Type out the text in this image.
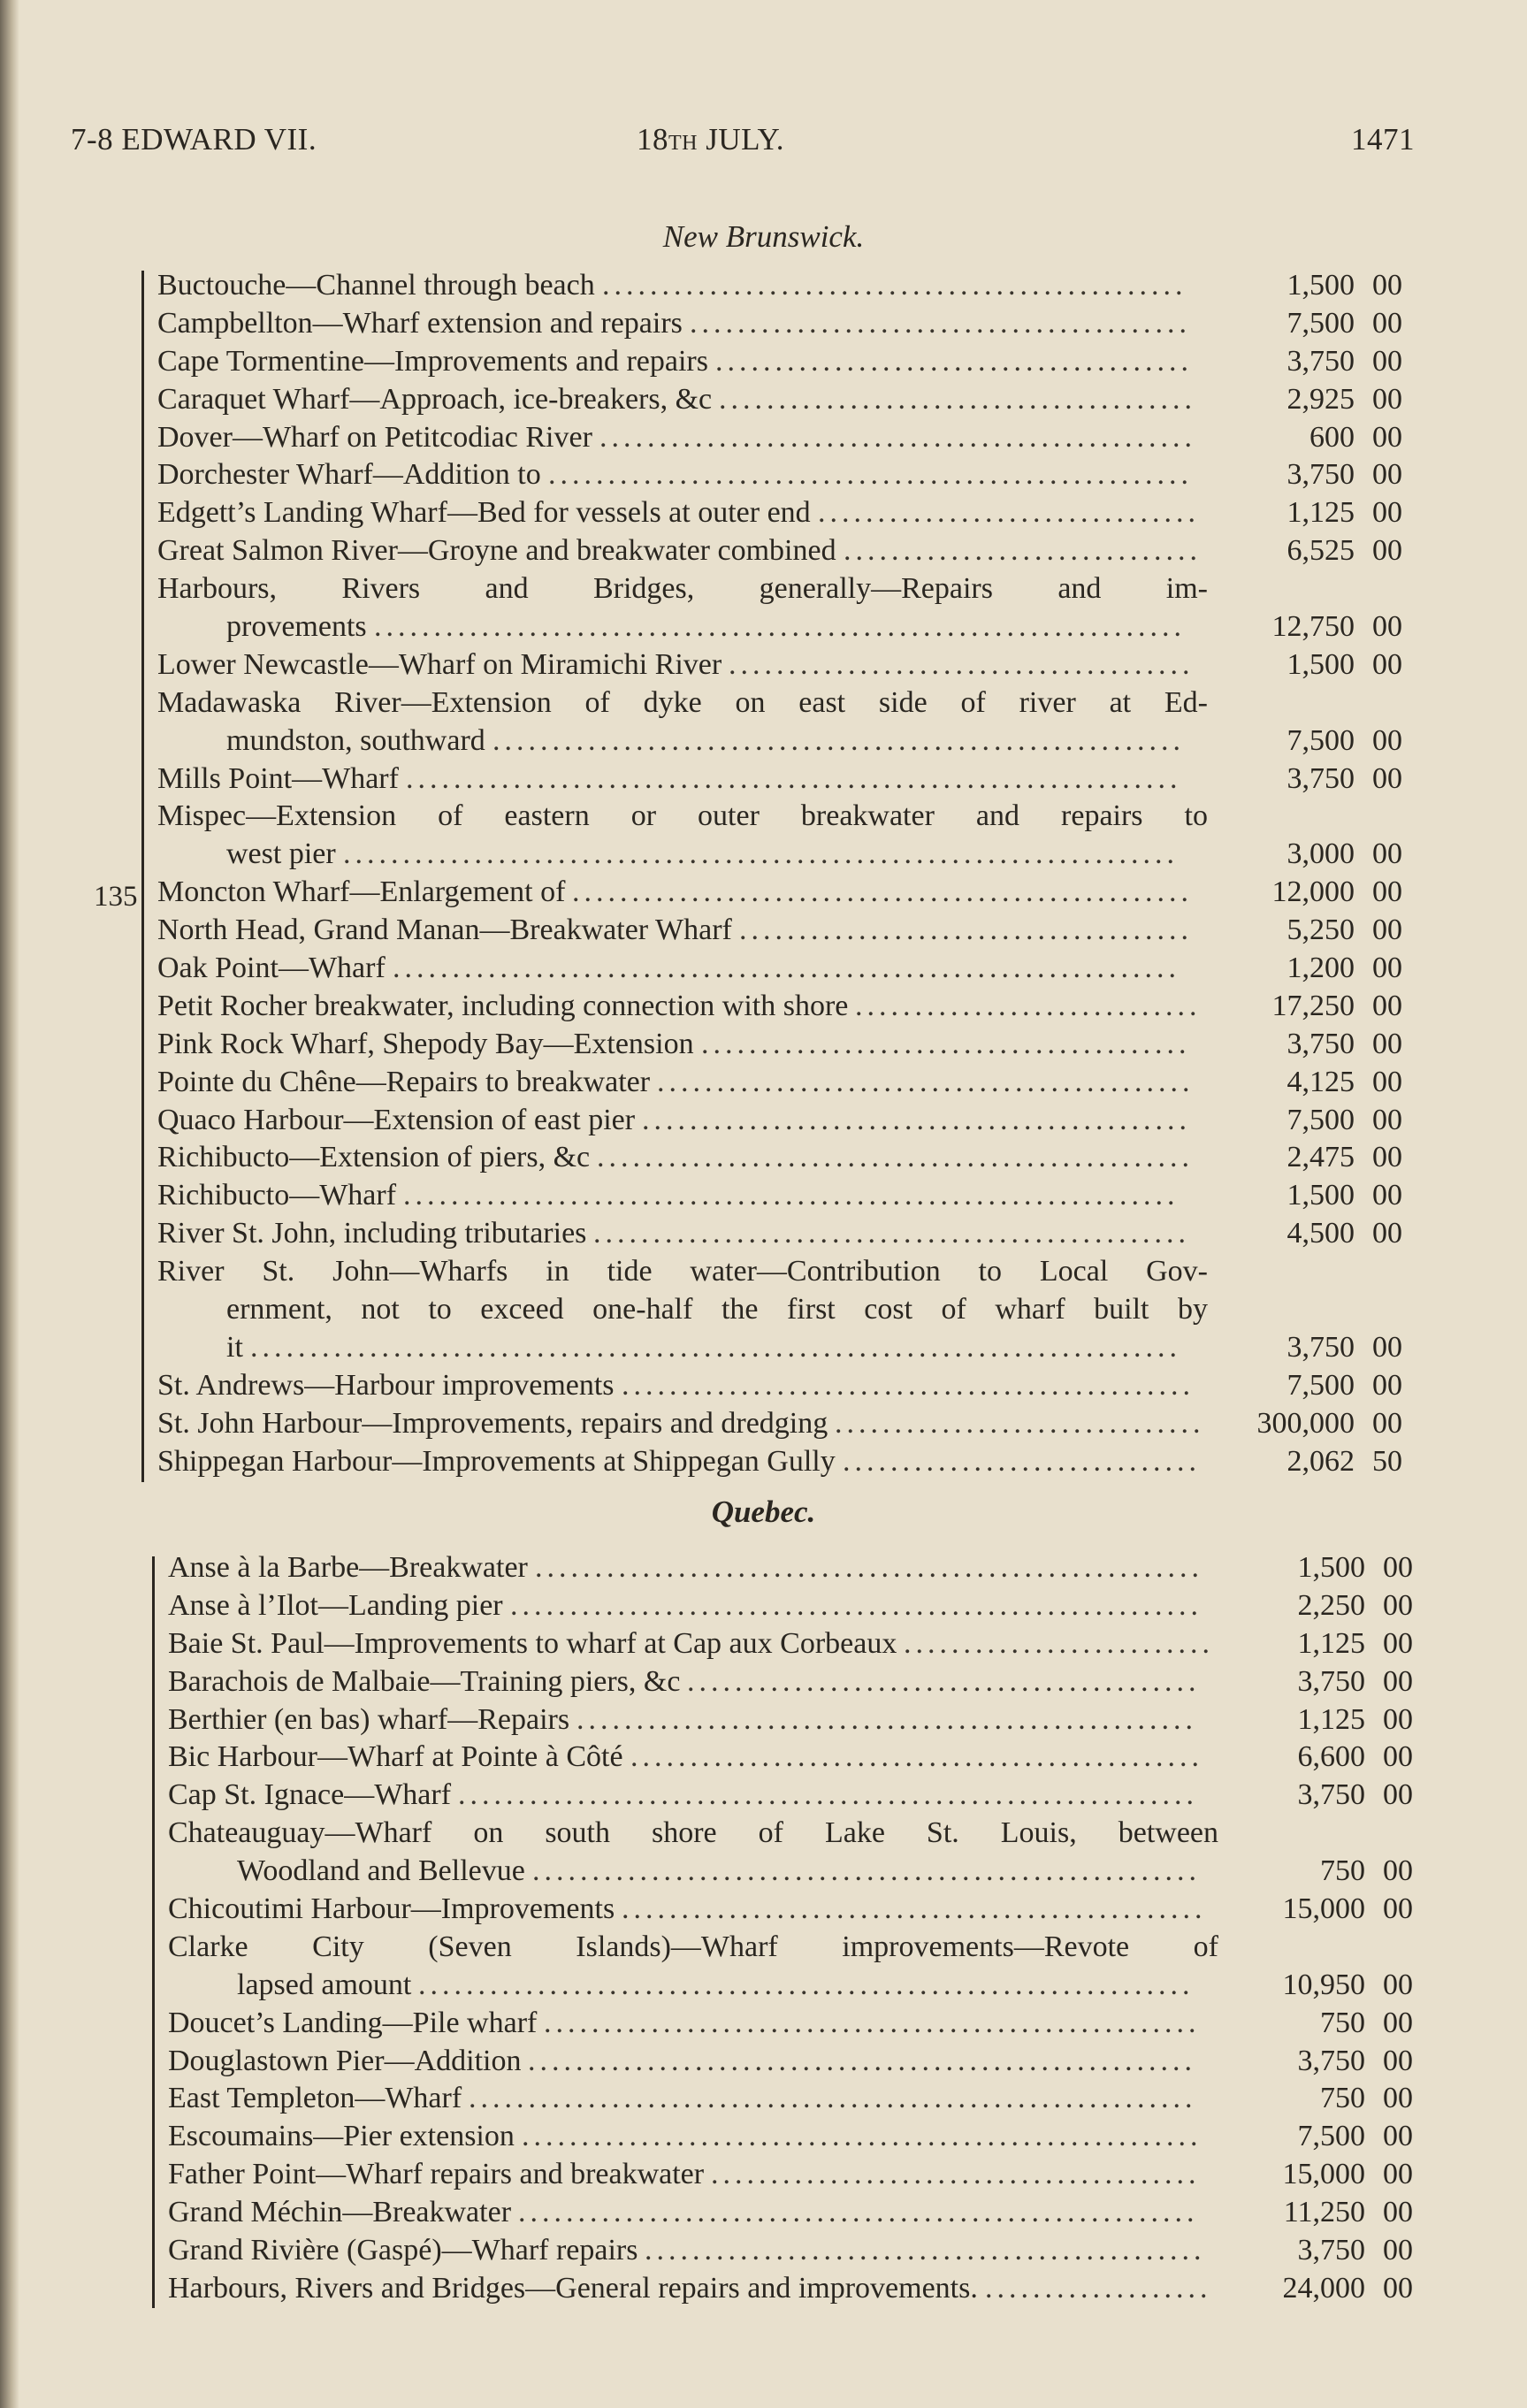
7-8 EDWARD VII.	18TH JULY.	1471
New Brunswick.
135
Buctouche—Channel through beach	1,500 00
.................................................
Campbellton—Wharf extension and repairs	7,500 00
..........................................
Cape Tormentine—Improvements and repairs	3,750 00
........................................
Caraquet Wharf—Approach, ice-breakers, &c	2,925 00
........................................
Dover—Wharf on Petitcodiac River	600 00
..................................................
Dorchester Wharf—Addition to	3,750 00
......................................................
Edgett’s Landing Wharf—Bed for vessels at outer end	1,125 00
................................
Great Salmon River—Groyne and breakwater combined	6,525 00
..............................
Harbours, Rivers and Bridges, generally—Repairs and im-
provements	12,750 00
....................................................................
Lower Newcastle—Wharf on Miramichi River	1,500 00
.......................................
Madawaska River—Extension of dyke on east side of river at Ed-
mundston, southward	7,500 00
..........................................................
Mills Point—Wharf	3,750 00
.................................................................
Mispec—Extension of eastern or outer breakwater and repairs to
west pier	3,000 00
......................................................................
Moncton Wharf—Enlargement of	12,000 00
....................................................
North Head, Grand Manan—Breakwater Wharf	5,250 00
......................................
Oak Point—Wharf	1,200 00
..................................................................
Petit Rocher breakwater, including connection with shore	17,250 00
.............................
Pink Rock Wharf, Shepody Bay—Extension	3,750 00
.........................................
Pointe du Chêne—Repairs to breakwater	4,125 00
.............................................
Quaco Harbour—Extension of east pier	7,500 00
..............................................
Richibucto—Extension of piers, &c	2,475 00
..................................................
Richibucto—Wharf	1,500 00
.................................................................
River St. John, including tributaries	4,500 00
..................................................
River St. John—Wharfs in tide water—Contribution to Local Gov-
ernment, not to exceed one-half the first cost of wharf built by
it	3,750 00
..............................................................................
St. Andrews—Harbour improvements	7,500 00
................................................
St. John Harbour—Improvements, repairs and dredging	300,000 00
...............................
Shippegan Harbour—Improvements at Shippegan Gully	2,062 50
..............................
Quebec.
Anse à la Barbe—Breakwater	1,500 00
........................................................
Anse à l’Ilot—Landing pier	2,250 00
..........................................................
Baie St. Paul—Improvements to wharf at Cap aux Corbeaux	1,125 00
..........................
Barachois de Malbaie—Training piers, &c	3,750 00
...........................................
Berthier (en bas) wharf—Repairs	1,125 00
....................................................
Bic Harbour—Wharf at Pointe à Côté	6,600 00
................................................
Cap St. Ignace—Wharf	3,750 00
..............................................................
Chateauguay—Wharf on south shore of Lake St. Louis, between
Woodland and Bellevue	750 00
........................................................
Chicoutimi Harbour—Improvements	15,000 00
.................................................
Clarke City (Seven Islands)—Wharf improvements—Revote of
lapsed amount	10,950 00
.................................................................
Doucet’s Landing—Pile wharf	750 00
.......................................................
Douglastown Pier—Addition	3,750 00
........................................................
East Templeton—Wharf	750 00
.............................................................
Escoumains—Pier extension	7,500 00
.........................................................
Father Point—Wharf repairs and breakwater	15,000 00
.........................................
Grand Méchin—Breakwater	11,250 00
.........................................................
Grand Rivière (Gaspé)—Wharf repairs	3,750 00
...............................................
Harbours, Rivers and Bridges—General repairs and improvements.	24,000 00
...................
